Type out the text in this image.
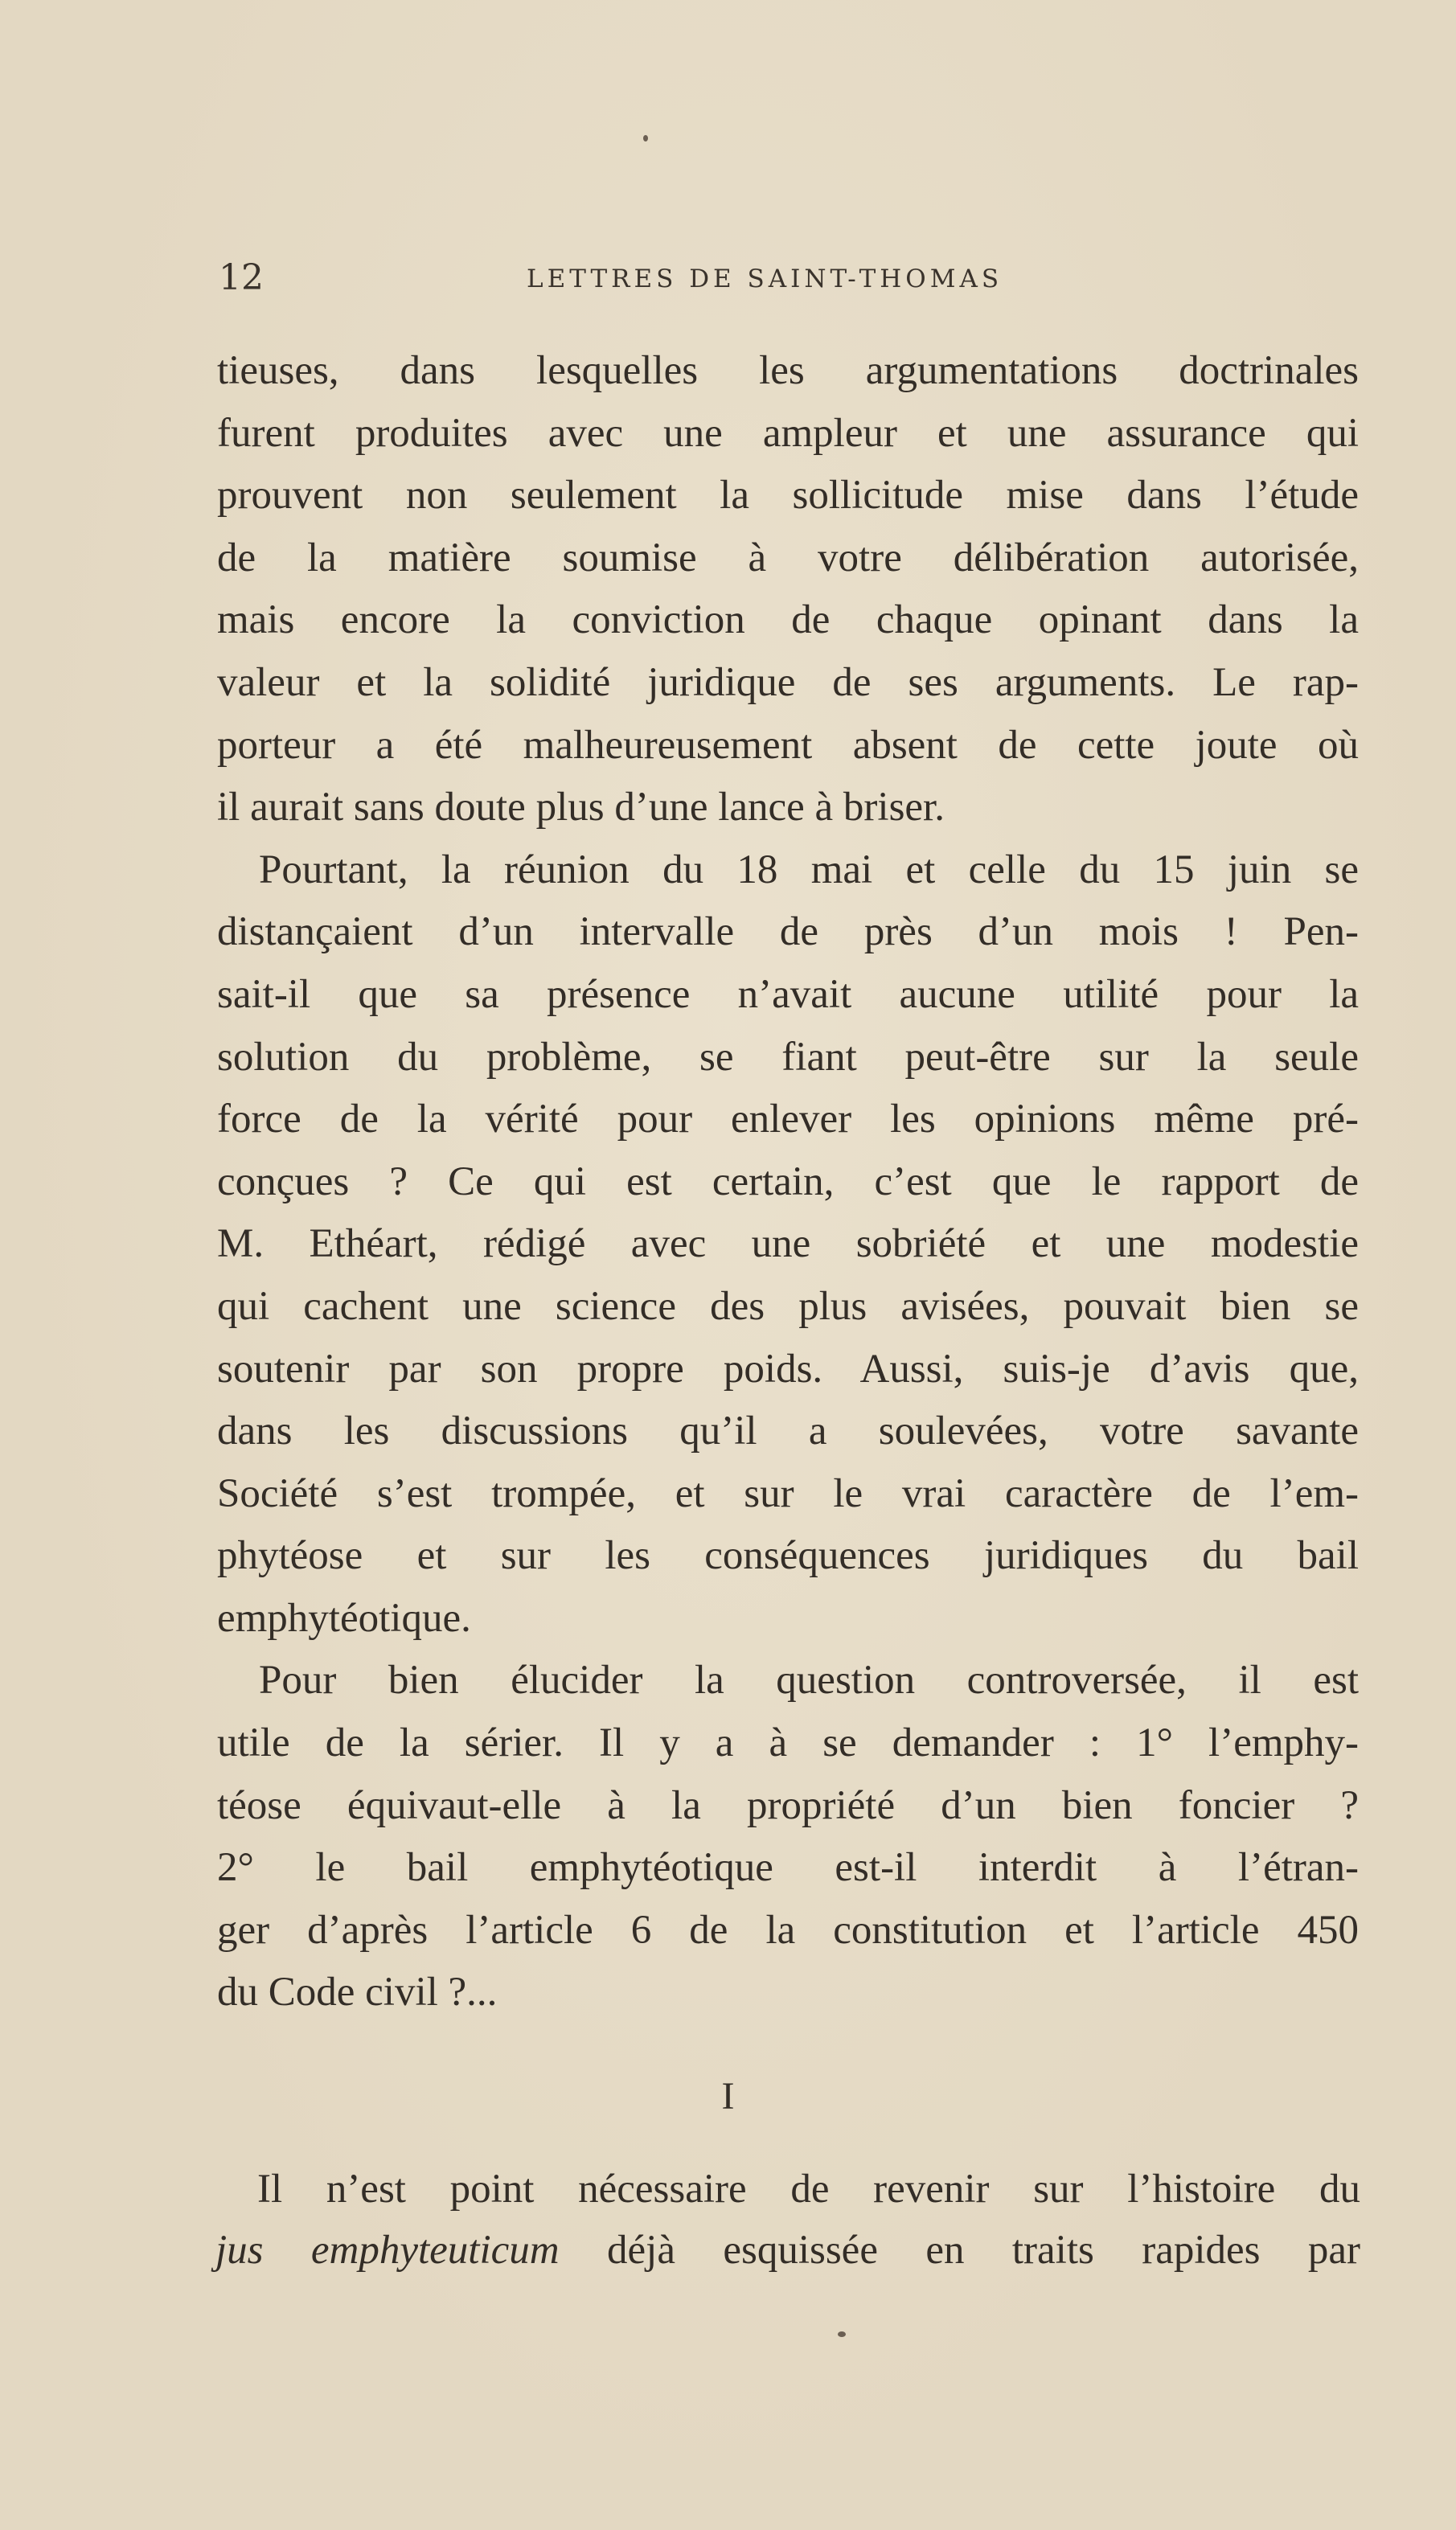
12	LETTRES DE SAINT-THOMAS
tieuses, dans lesquelles les argumentations doctrinales
furent produites avec une ampleur et une assurance qui
prouvent non seulement la sollicitude mise dans l’étude
de la matière soumise à votre délibération autorisée,
mais encore la conviction de chaque opinant dans la
valeur et la solidité juridique de ses arguments. Le rap-
porteur a été malheureusement absent de cette joute où
il aurait sans doute plus d’une lance à briser.
Pourtant, la réunion du 18 mai et celle du 15 juin se
distançaient d’un intervalle de près d’un mois ! Pen-
sait-il que sa présence n’avait aucune utilité pour la
solution du problème, se fiant peut-être sur la seule
force de la vérité pour enlever les opinions même pré-
conçues ? Ce qui est certain, c’est que le rapport de
M. Ethéart, rédigé avec une sobriété et une modestie
qui cachent une science des plus avisées, pouvait bien se
soutenir par son propre poids. Aussi, suis-je d’avis que,
dans les discussions qu’il a soulevées, votre savante
Société s’est trompée, et sur le vrai caractère de l’em-
phytéose et sur les conséquences juridiques du bail
emphytéotique.
Pour bien élucider la question controversée, il est
utile de la sérier. Il y a à se demander : 1° l’emphy-
téose équivaut-elle à la propriété d’un bien foncier ?
2° le bail emphytéotique est-il interdit à l’étran-
ger d’après l’article 6 de la constitution et l’article 450
du Code civil ?...
I
Il n’est point nécessaire de revenir sur l’histoire du
jus emphyteuticum déjà esquissée en traits rapides par
